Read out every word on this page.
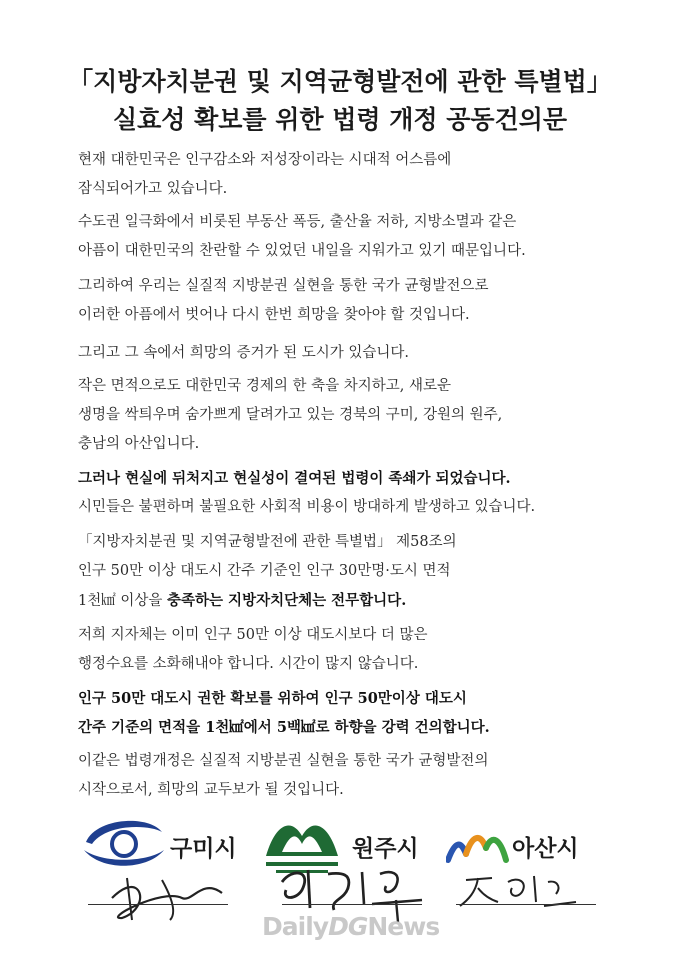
「지방자치분권 및 지역균형발전에 관한 특별법」
실효성 확보를 위한 법령 개정 공동건의문
현재 대한민국은 인구감소와 저성장이라는 시대적 어스름에
잠식되어가고 있습니다.
수도권 일극화에서 비롯된 부동산 폭등, 출산율 저하, 지방소멸과 같은
아픔이 대한민국의 찬란할 수 있었던 내일을 지워가고 있기 때문입니다.
그리하여 우리는 실질적 지방분권 실현을 통한 국가 균형발전으로
이러한 아픔에서 벗어나 다시 한번 희망을 찾아야 할 것입니다.
그리고 그 속에서 희망의 증거가 된 도시가 있습니다.
작은 면적으로도 대한민국 경제의 한 축을 차지하고, 새로운
생명을 싹틔우며 숨가쁘게 달려가고 있는 경북의 구미, 강원의 원주,
충남의 아산입니다.
그러나 현실에 뒤처지고 현실성이 결여된 법령이 족쇄가 되었습니다.
시민들은 불편하며 불필요한 사회적 비용이 방대하게 발생하고 있습니다.
「지방자치분권 및 지역균형발전에 관한 특별법」 제58조의
인구 50만 이상 대도시 간주 기준인 인구 30만명·도시 면적
1천㎢ 이상을 충족하는 지방자치단체는 전무합니다.
저희 지자체는 이미 인구 50만 이상 대도시보다 더 많은
행정수요를 소화해내야 합니다. 시간이 많지 않습니다.
인구 50만 대도시 권한 확보를 위하여 인구 50만이상 대도시
간주 기준의 면적을 1천㎢에서 5백㎢로 하향을 강력 건의합니다.
이같은 법령개정은 실질적 지방분권 실현을 통한 국가 균형발전의
시작으로서, 희망의 교두보가 될 것입니다.
구미시	원주시	아산시
DailyDGNews
